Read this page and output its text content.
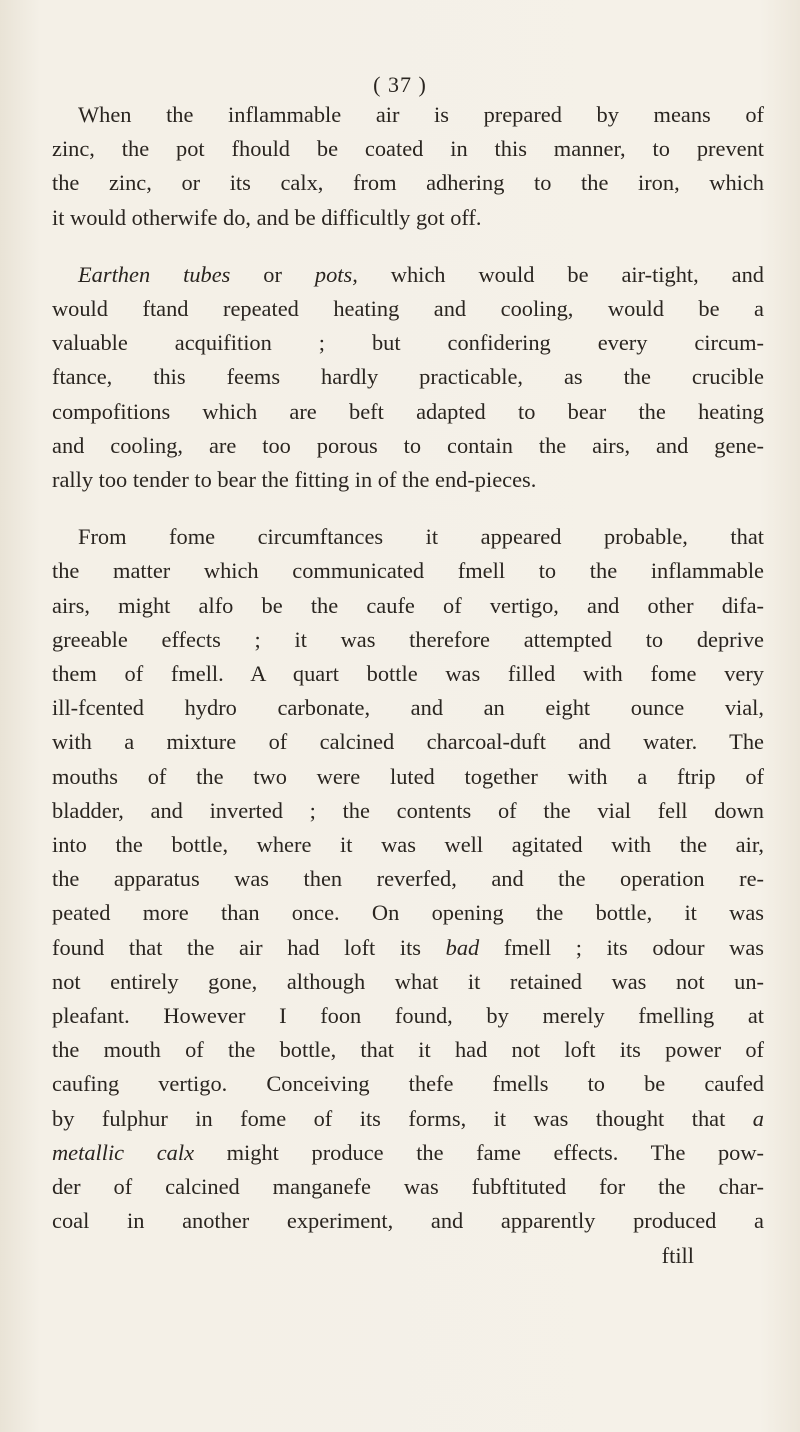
( 37 )
When the inflammable air is prepared by means of
zinc, the pot fhould be coated in this manner, to prevent
the zinc, or its calx, from adhering to the iron, which
it would otherwife do, and be difficultly got off.
Earthen tubes or pots, which would be air-tight, and
would ftand repeated heating and cooling, would be a
valuable acquifition ; but confidering every circum-
ftance, this feems hardly practicable, as the crucible
compofitions which are beft adapted to bear the heating
and cooling, are too porous to contain the airs, and gene-
rally too tender to bear the fitting in of the end-pieces.
From fome circumftances it appeared probable, that
the matter which communicated fmell to the inflammable
airs, might alfo be the caufe of vertigo, and other difa-
greeable effects ; it was therefore attempted to deprive
them of fmell. A quart bottle was filled with fome very
ill-fcented hydro carbonate, and an eight ounce vial,
with a mixture of calcined charcoal-duft and water. The
mouths of the two were luted together with a ftrip of
bladder, and inverted ; the contents of the vial fell down
into the bottle, where it was well agitated with the air,
the apparatus was then reverfed, and the operation re-
peated more than once. On opening the bottle, it was
found that the air had loft its bad fmell ; its odour was
not entirely gone, although what it retained was not un-
pleafant. However I foon found, by merely fmelling at
the mouth of the bottle, that it had not loft its power of
caufing vertigo. Conceiving thefe fmells to be caufed
by fulphur in fome of its forms, it was thought that a
metallic calx might produce the fame effects. The pow-
der of calcined manganefe was fubftituted for the char-
coal in another experiment, and apparently produced a
ftill
